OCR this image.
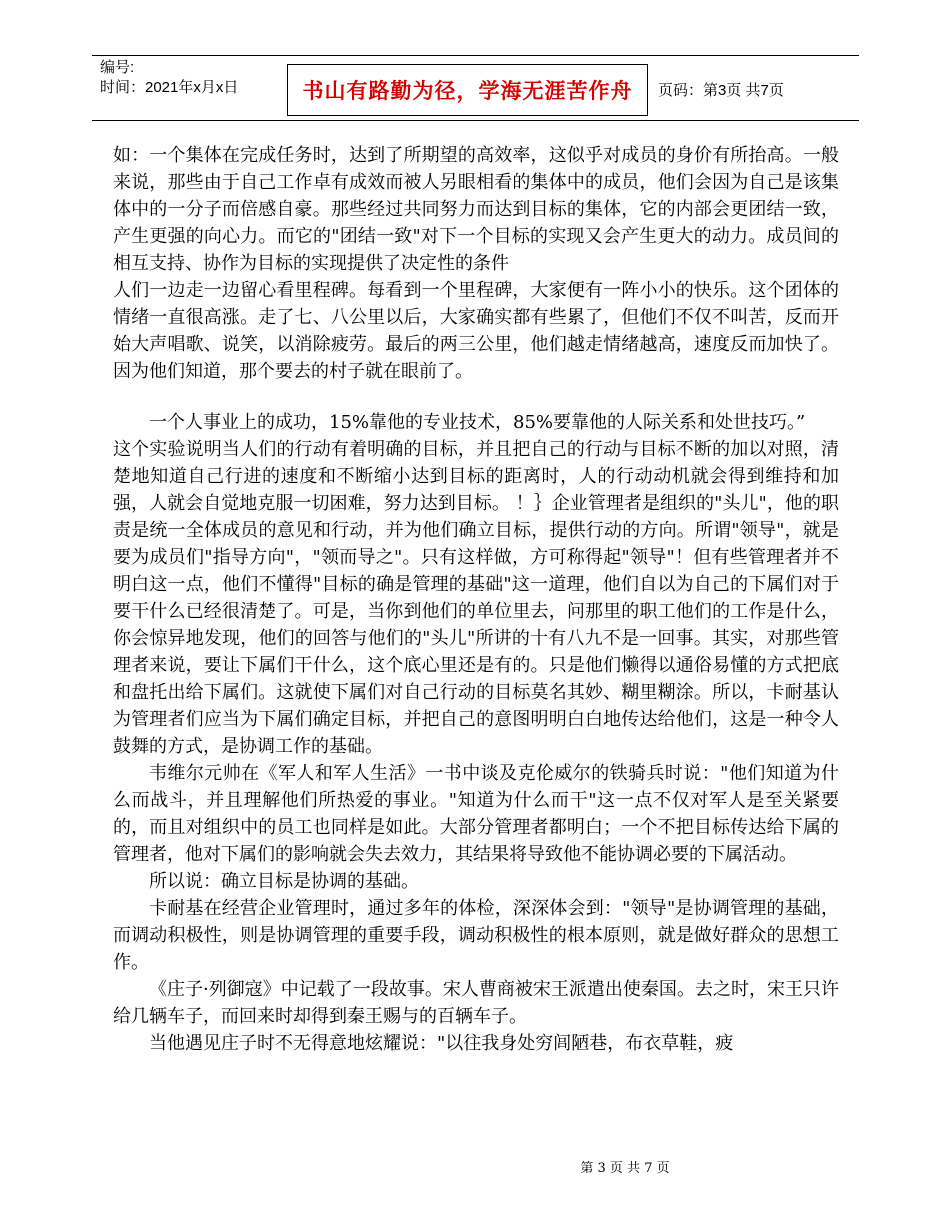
编号:
时间：2021年x月x日	书山有路勤为径，学海无涯苦作舟	页码：第3页 共7页

如：一个集体在完成任务时，达到了所期望的高效率，这似乎对成员的身价有所抬高。一般来说，那些由于自己工作卓有成效而被人另眼相看的集体中的成员，他们会因为自己是该集体中的一分子而倍感自豪。那些经过共同努力而达到目标的集体，它的内部会更团结一致，产生更强的向心力。而它的"团结一致"对下一个目标的实现又会产生更大的动力。成员间的相互支持、协作为目标的实现提供了决定性的条件

人们一边走一边留心看里程碑。每看到一个里程碑，大家便有一阵小小的快乐。这个团体的情绪一直很高涨。走了七、八公里以后，大家确实都有些累了，但他们不仅不叫苦，反而开始大声唱歌、说笑，以消除疲劳。最后的两三公里，他们越走情绪越高，速度反而加快了。因为他们知道，那个要去的村子就在眼前了。

一个人事业上的成功，15%靠他的专业技术，85%要靠他的人际关系和处世技巧。”

这个实验说明当人们的行动有着明确的目标，并且把自己的行动与目标不断的加以对照，清楚地知道自己行进的速度和不断缩小达到目标的距离时，人的行动动机就会得到维持和加强，人就会自觉地克服一切困难，努力达到目标。 ！｝企业管理者是组织的"头儿"，他的职责是统一全体成员的意见和行动，并为他们确立目标，提供行动的方向。所谓"领导"，就是要为成员们"指导方向"，"领而导之"。只有这样做，方可称得起"领导"！但有些管理者并不明白这一点，他们不懂得"目标的确是管理的基础"这一道理，他们自以为自己的下属们对于要干什么已经很清楚了。可是，当你到他们的单位里去，问那里的职工他们的工作是什么，你会惊异地发现，他们的回答与他们的"头儿"所讲的十有八九不是一回事。其实，对那些管理者来说，要让下属们干什么，这个底心里还是有的。只是他们懒得以通俗易懂的方式把底和盘托出给下属们。这就使下属们对自己行动的目标莫名其妙、糊里糊涂。所以，卡耐基认为管理者们应当为下属们确定目标，并把自己的意图明明白白地传达给他们，这是一种令人鼓舞的方式，是协调工作的基础。

韦维尔元帅在《军人和军人生活》一书中谈及克伦威尔的铁骑兵时说："他们知道为什么而战斗，并且理解他们所热爱的事业。"知道为什么而干"这一点不仅对军人是至关紧要的，而且对组织中的员工也同样是如此。大部分管理者都明白；一个不把目标传达给下属的管理者，他对下属们的影响就会失去效力，其结果将导致他不能协调必要的下属活动。

所以说：确立目标是协调的基础。

卡耐基在经营企业管理时，通过多年的体检，深深体会到："领导"是协调管理的基础，而调动积极性，则是协调管理的重要手段，调动积极性的根本原则，就是做好群众的思想工作。

《庄子·列御寇》中记载了一段故事。宋人曹商被宋王派遣出使秦国。去之时，宋王只许给几辆车子，而回来时却得到秦王赐与的百辆车子。

当他遇见庄子时不无得意地炫耀说："以往我身处穷闾陋巷，布衣草鞋，疲

第 3 页 共 7 页
